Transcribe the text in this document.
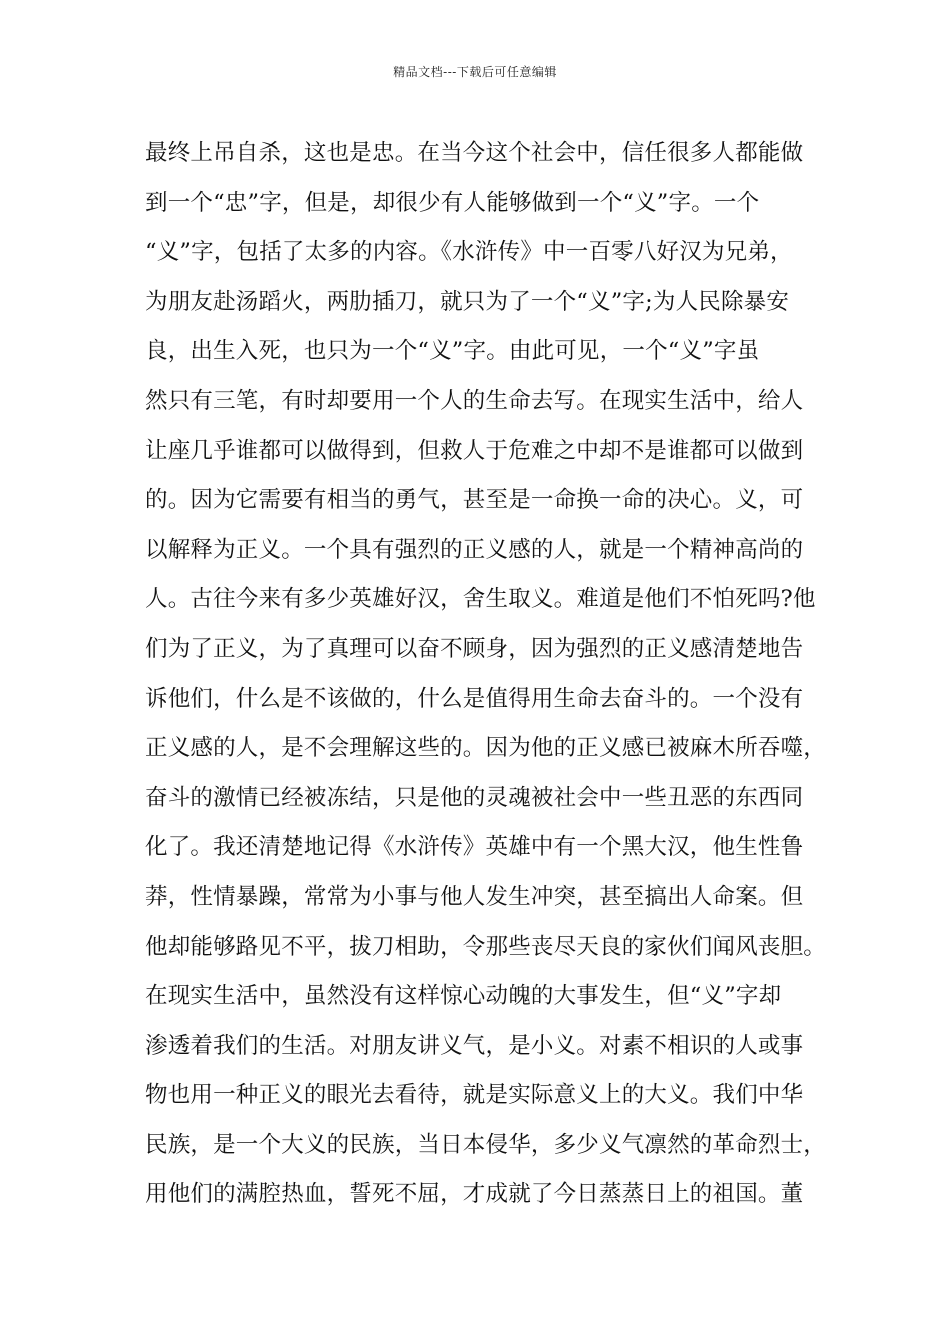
精品文档---下载后可任意编辑
最终上吊自杀，这也是忠。在当今这个社会中，信任很多人都能做
到一个“忠”字，但是，却很少有人能够做到一个“义”字。一个
“义”字，包括了太多的内容。《水浒传》中一百零八好汉为兄弟，
为朋友赴汤蹈火，两肋插刀，就只为了一个“义”字;为人民除暴安
良，出生入死，也只为一个“义”字。由此可见，一个“义”字虽
然只有三笔，有时却要用一个人的生命去写。在现实生活中，给人
让座几乎谁都可以做得到，但救人于危难之中却不是谁都可以做到
的。因为它需要有相当的勇气，甚至是一命换一命的决心。义，可
以解释为正义。一个具有强烈的正义感的人，就是一个精神高尚的
人。古往今来有多少英雄好汉，舍生取义。难道是他们不怕死吗?他
们为了正义，为了真理可以奋不顾身，因为强烈的正义感清楚地告
诉他们，什么是不该做的，什么是值得用生命去奋斗的。一个没有
正义感的人，是不会理解这些的。因为他的正义感已被麻木所吞噬，
奋斗的激情已经被冻结，只是他的灵魂被社会中一些丑恶的东西同
化了。我还清楚地记得《水浒传》英雄中有一个黑大汉，他生性鲁
莽，性情暴躁，常常为小事与他人发生冲突，甚至搞出人命案。但
他却能够路见不平，拔刀相助，令那些丧尽天良的家伙们闻风丧胆。
在现实生活中，虽然没有这样惊心动魄的大事发生，但“义”字却
渗透着我们的生活。对朋友讲义气，是小义。对素不相识的人或事
物也用一种正义的眼光去看待，就是实际意义上的大义。我们中华
民族，是一个大义的民族，当日本侵华，多少义气凛然的革命烈士，
用他们的满腔热血，誓死不屈，才成就了今日蒸蒸日上的祖国。董
